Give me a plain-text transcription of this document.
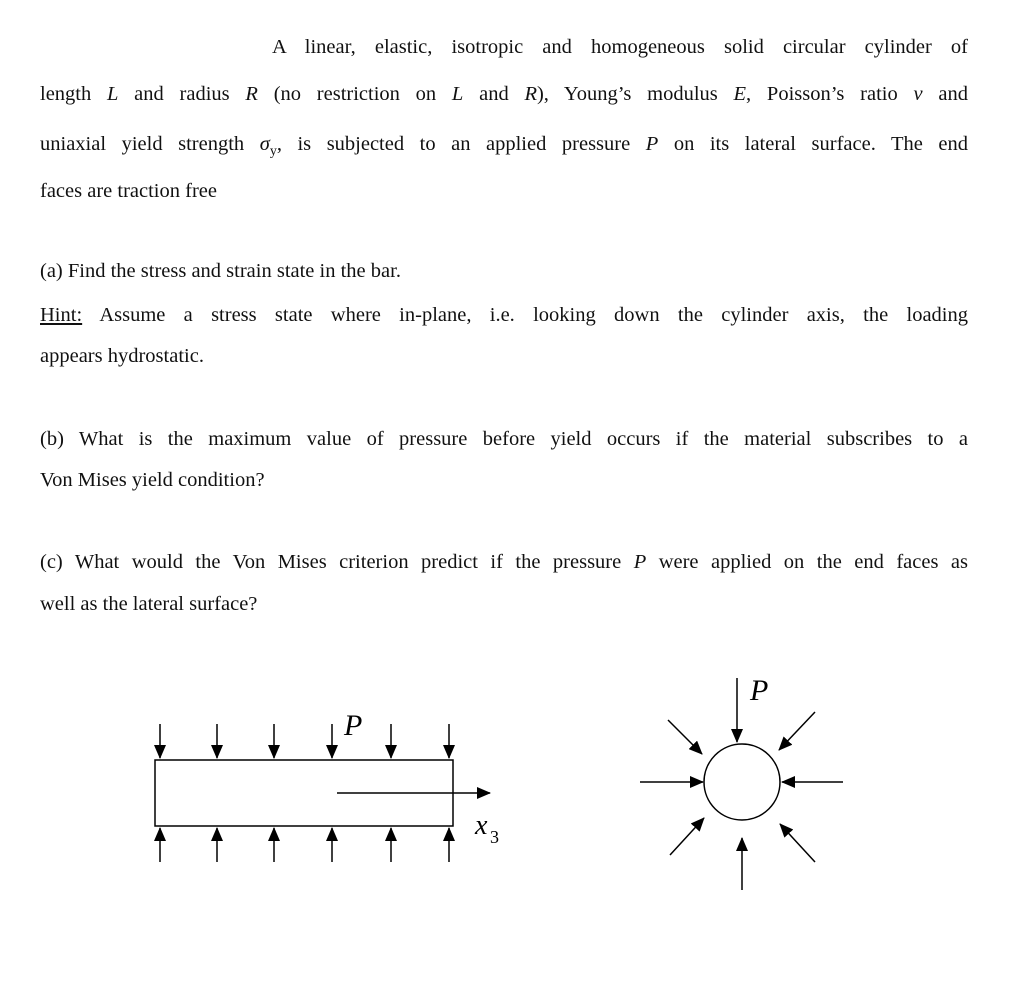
A linear, elastic, isotropic and homogeneous solid circular cylinder of
length L and radius R (no restriction on L and R), Young’s modulus E, Poisson’s ratio ν and
uniaxial yield strength $\sigma_y$, is subjected to an applied pressure P on its lateral surface. The end
faces are traction free
(a) Find the stress and strain state in the bar.
Hint: Assume a stress state where in-plane, i.e. looking down the cylinder axis, the loading
appears hydrostatic.
(b) What is the maximum value of pressure before yield occurs if the material subscribes to a
Von Mises yield condition?
(c) What would the Von Mises criterion predict if the pressure P were applied on the end faces as
well as the lateral surface?
P
x 3
P
